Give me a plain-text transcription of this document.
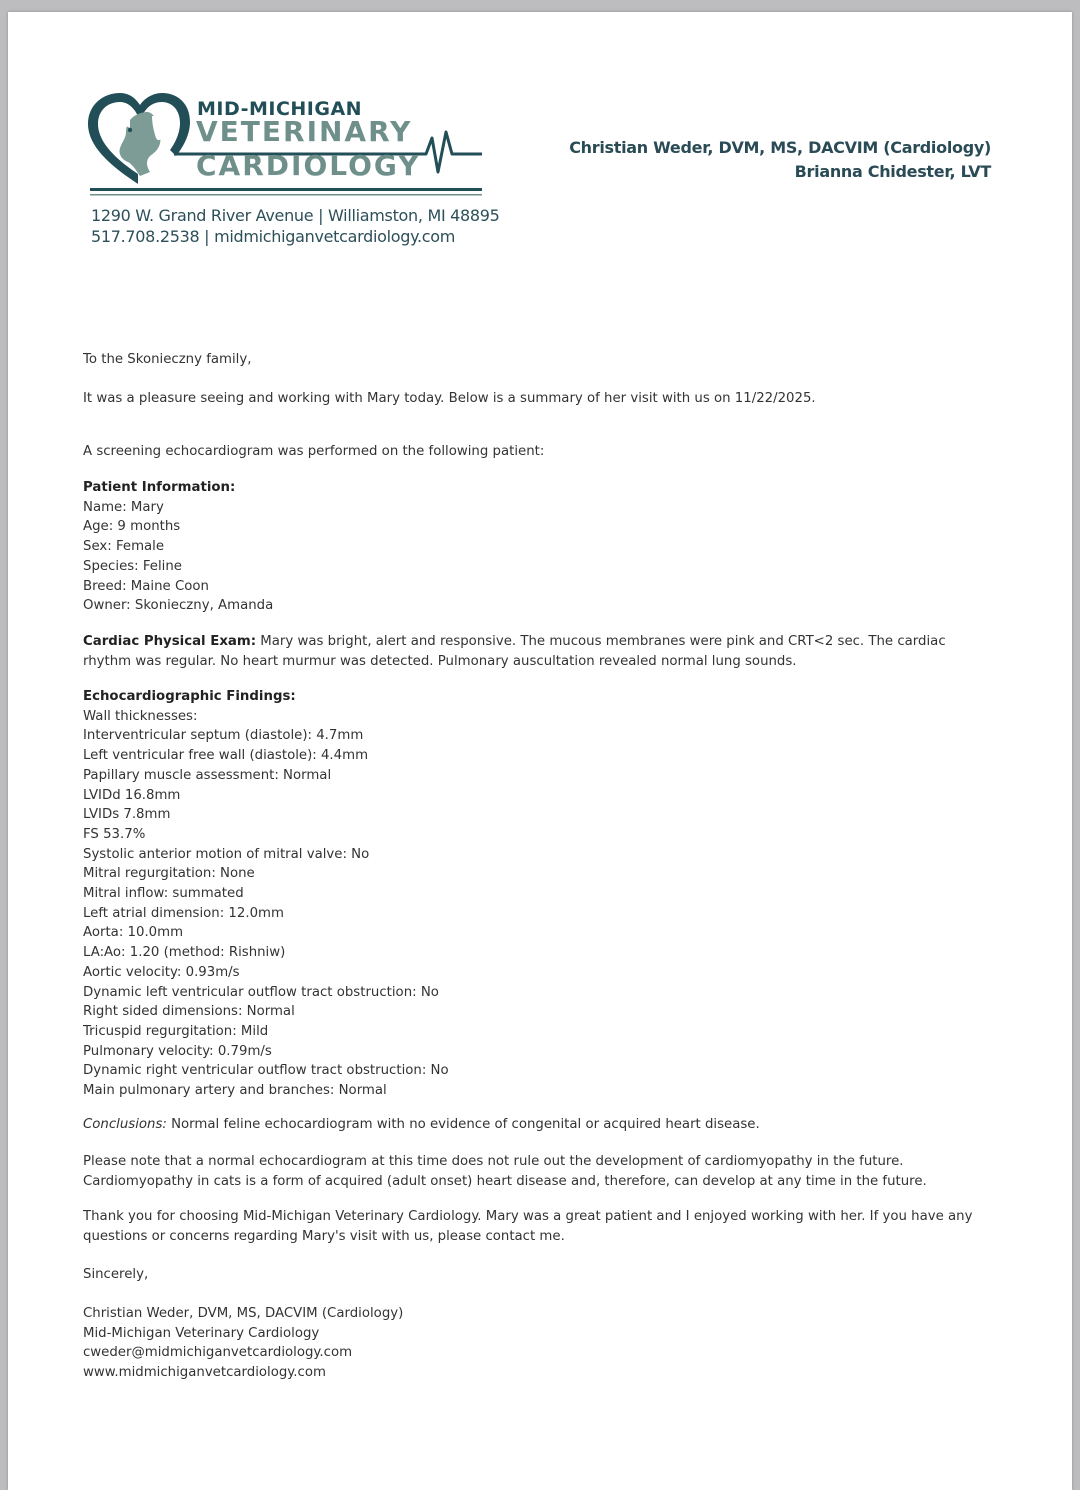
MID-MICHIGAN
VETERINARY
CARDIOLOGY
1290 W. Grand River Avenue | Williamston, MI 48895
517.708.2538 | midmichiganvetcardiology.com
Christian Weder, DVM, MS, DACVIM (Cardiology)
Brianna Chidester, LVT
To the Skonieczny family,
It was a pleasure seeing and working with Mary today. Below is a summary of her visit with us on 11/22/2025.
A screening echocardiogram was performed on the following patient:
Patient Information:
Name: Mary
Age: 9 months
Sex: Female
Species: Feline
Breed: Maine Coon
Owner: Skonieczny, Amanda
Cardiac Physical Exam: Mary was bright, alert and responsive. The mucous membranes were pink and CRT<2 sec. The cardiac
rhythm was regular. No heart murmur was detected. Pulmonary auscultation revealed normal lung sounds.
Echocardiographic Findings:
Wall thicknesses:
Interventricular septum (diastole): 4.7mm
Left ventricular free wall (diastole): 4.4mm
Papillary muscle assessment: Normal
LVIDd 16.8mm
LVIDs 7.8mm
FS 53.7%
Systolic anterior motion of mitral valve: No
Mitral regurgitation: None
Mitral inflow: summated
Left atrial dimension: 12.0mm
Aorta: 10.0mm
LA:Ao: 1.20 (method: Rishniw)
Aortic velocity: 0.93m/s
Dynamic left ventricular outflow tract obstruction: No
Right sided dimensions: Normal
Tricuspid regurgitation: Mild
Pulmonary velocity: 0.79m/s
Dynamic right ventricular outflow tract obstruction: No
Main pulmonary artery and branches: Normal
Conclusions: Normal feline echocardiogram with no evidence of congenital or acquired heart disease.
Please note that a normal echocardiogram at this time does not rule out the development of cardiomyopathy in the future.
Cardiomyopathy in cats is a form of acquired (adult onset) heart disease and, therefore, can develop at any time in the future.
Thank you for choosing Mid-Michigan Veterinary Cardiology. Mary was a great patient and I enjoyed working with her. If you have any
questions or concerns regarding Mary's visit with us, please contact me.
Sincerely,
Christian Weder, DVM, MS, DACVIM (Cardiology)
Mid-Michigan Veterinary Cardiology
cweder@midmichiganvetcardiology.com
www.midmichiganvetcardiology.com
